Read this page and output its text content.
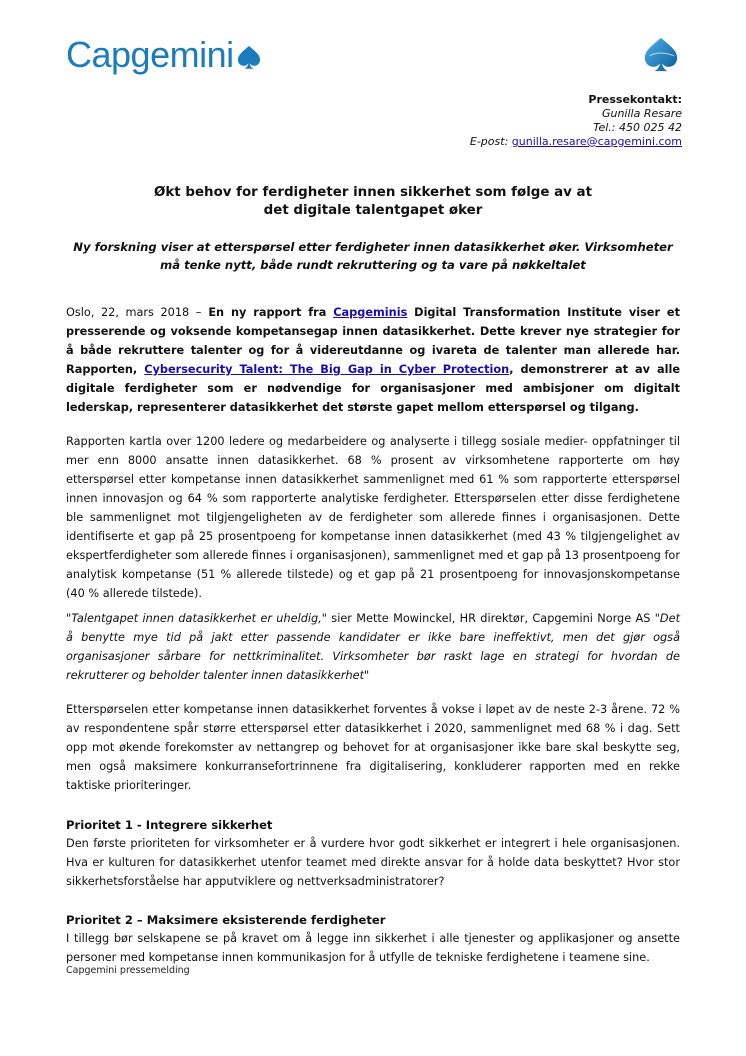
Capgemini
Pressekontakt:
Gunilla Resare
Tel.: 450 025 42
E-post: gunilla.resare@capgemini.com
Økt behov for ferdigheter innen sikkerhet som følge av at
det digitale talentgapet øker
Ny forskning viser at etterspørsel etter ferdigheter innen datasikkerhet øker. Virksomheter må tenke nytt, både rundt rekruttering og ta vare på nøkkeltalet
Oslo, 22, mars 2018 – En ny rapport fra Capgeminis Digital Transformation Institute viser et presserende og voksende kompetansegap innen datasikkerhet. Dette krever nye strategier for å både rekruttere talenter og for å videreutdanne og ivareta de talenter man allerede har. Rapporten, Cybersecurity Talent: The Big Gap in Cyber Protection, demonstrerer at av alle digitale ferdigheter som er nødvendige for organisasjoner med ambisjoner om digitalt lederskap, representerer datasikkerhet det største gapet mellom etterspørsel og tilgang.
Rapporten kartla over 1200 ledere og medarbeidere og analyserte i tillegg sosiale medier- oppfatninger til mer enn 8000 ansatte innen datasikkerhet. 68 % prosent av virksomhetene rapporterte om høy etterspørsel etter kompetanse innen datasikkerhet sammenlignet med 61 % som rapporterte etterspørsel innen innovasjon og 64 % som rapporterte analytiske ferdigheter. Etterspørselen etter disse ferdighetene ble sammenlignet mot tilgjengeligheten av de ferdigheter som allerede finnes i organisasjonen. Dette identifiserte et gap på 25 prosentpoeng for kompetanse innen datasikkerhet (med 43 % tilgjengelighet av ekspertferdigheter som allerede finnes i organisasjonen), sammenlignet med et gap på 13 prosentpoeng for analytisk kompetanse (51 % allerede tilstede) og et gap på 21 prosentpoeng for innovasjonskompetanse (40 % allerede tilstede).
"Talentgapet innen datasikkerhet er uheldig," sier Mette Mowinckel, HR direktør, Capgemini Norge AS "Det å benytte mye tid på jakt etter passende kandidater er ikke bare ineffektivt, men det gjør også organisasjoner sårbare for nettkriminalitet. Virksomheter bør raskt lage en strategi for hvordan de rekrutterer og beholder talenter innen datasikkerhet"
Etterspørselen etter kompetanse innen datasikkerhet forventes å vokse i løpet av de neste 2-3 årene. 72 % av respondentene spår større etterspørsel etter datasikkerhet i 2020, sammenlignet med 68 % i dag. Sett opp mot økende forekomster av nettangrep og behovet for at organisasjoner ikke bare skal beskytte seg, men også maksimere konkurransefortrinnene fra digitalisering, konkluderer rapporten med en rekke taktiske prioriteringer.
Prioritet 1 - Integrere sikkerhet
Den første prioriteten for virksomheter er å vurdere hvor godt sikkerhet er integrert i hele organisasjonen. Hva er kulturen for datasikkerhet utenfor teamet med direkte ansvar for å holde data beskyttet? Hvor stor sikkerhetsforståelse har apputviklere og nettverksadministratorer?
Prioritet 2 – Maksimere eksisterende ferdigheter
I tillegg bør selskapene se på kravet om å legge inn sikkerhet i alle tjenester og applikasjoner og ansette personer med kompetanse innen kommunikasjon for å utfylle de tekniske ferdighetene i teamene sine.
Capgemini pressemelding
